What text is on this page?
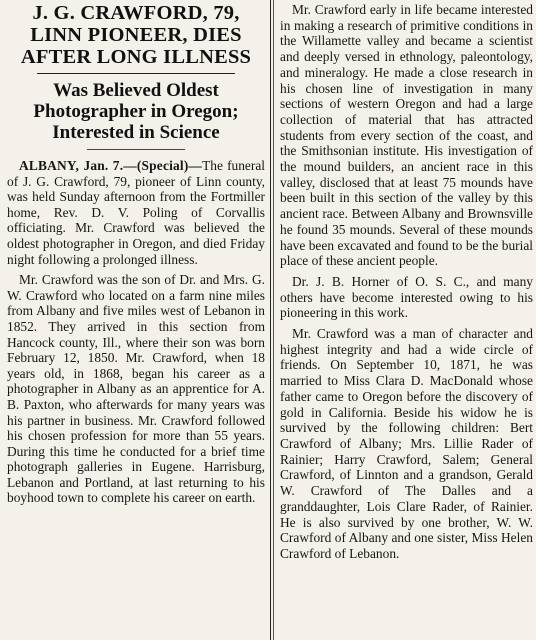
J. G. CRAWFORD, 79, LINN PIONEER, DIES AFTER LONG ILLNESS
Was Believed Oldest Photographer in Oregon; Interested in Science

ALBANY, Jan. 7.—(Special)—The funeral of J. G. Crawford, 79, pioneer of Linn county, was held Sunday afternoon from the Fortmiller home, Rev. D. V. Poling of Corvallis officiating. Mr. Crawford was believed the oldest photographer in Oregon, and died Friday night following a prolonged illness.

Mr. Crawford was the son of Dr. and Mrs. G. W. Crawford who located on a farm nine miles from Albany and five miles west of Lebanon in 1852. They arrived in this section from Hancock county, Ill., where their son was born February 12, 1850. Mr. Crawford, when 18 years old, in 1868, began his career as a photographer in Albany as an apprentice for A. B. Paxton, who afterwards for many years was his partner in business. Mr. Crawford followed his chosen profession for more than 55 years. During this time he conducted for a brief time photograph galleries in Eugene. Harrisburg, Lebanon and Portland, at last returning to his boyhood town to complete his career on earth.

Mr. Crawford early in life became interested in making a research of primitive conditions in the Willamette valley and became a scientist and deeply versed in ethnology, paleontology, and mineralogy. He made a close research in his chosen line of investigation in many sections of western Oregon and had a large collection of material that has attracted students from every section of the coast, and the Smithsonian institute. His investigation of the mound builders, an ancient race in this valley, disclosed that at least 75 mounds have been built in this section of the valley by this ancient race. Between Albany and Brownsville he found 35 mounds. Several of these mounds have been excavated and found to be the burial place of these ancient people.

Dr. J. B. Horner of O. S. C., and many others have become interested owing to his pioneering in this work.

Mr. Crawford was a man of character and highest integrity and had a wide circle of friends. On September 10, 1871, he was married to Miss Clara D. MacDonald whose father came to Oregon before the discovery of gold in California. Beside his widow he is survived by the following children: Bert Crawford of Albany; Mrs. Lillie Rader of Rainier; Harry Crawford, Salem; General Crawford, of Linnton and a grandson, Gerald W. Crawford of The Dalles and a granddaughter, Lois Clare Rader, of Rainier. He is also survived by one brother, W. W. Crawford of Albany and one sister, Miss Helen Crawford of Lebanon.
